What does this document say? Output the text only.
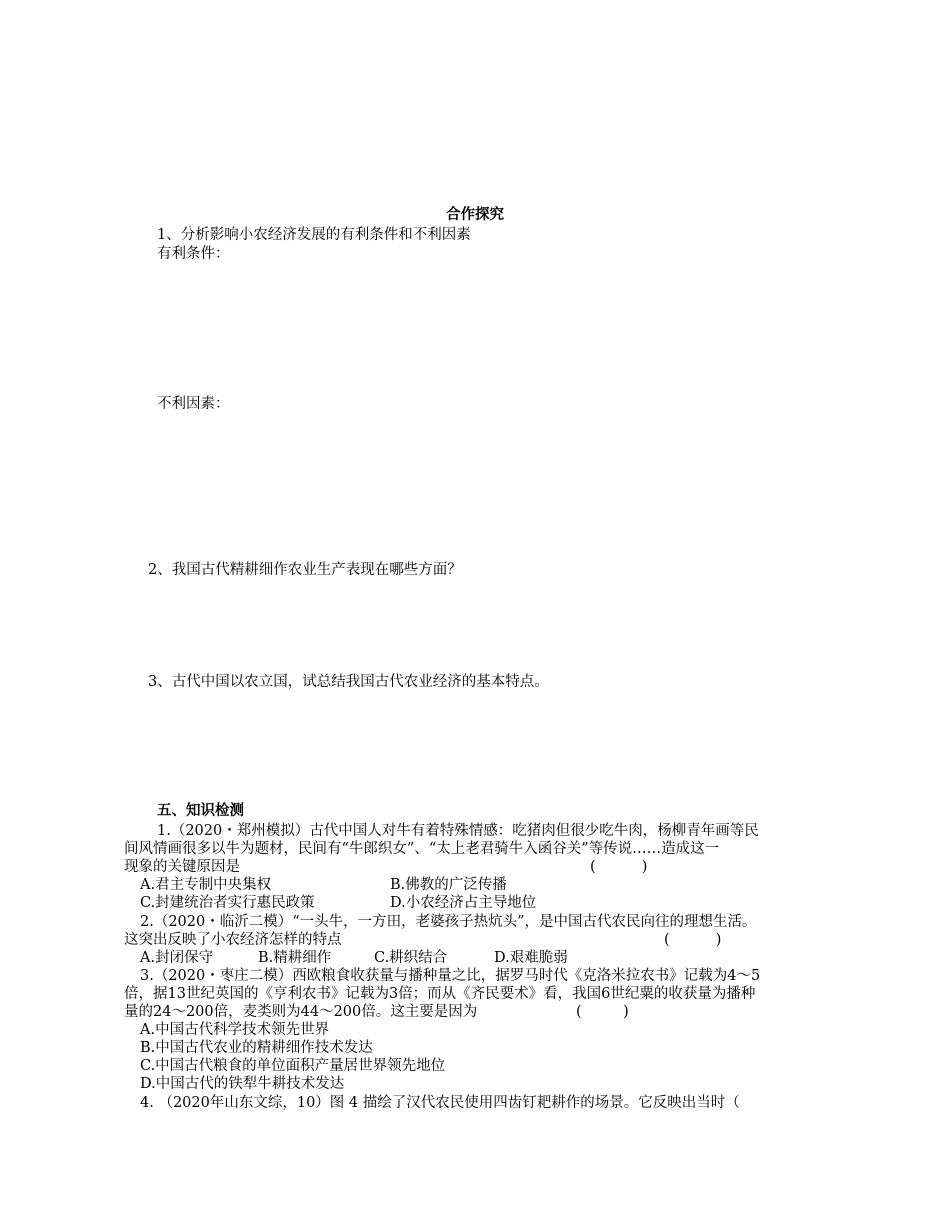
合作探究
1、分析影响小农经济发展的有利条件和不利因素
有利条件：
不利因素：
2、我国古代精耕细作农业生产表现在哪些方面？
3、古代中国以农立国，试总结我国古代农业经济的基本特点。
五、知识检测
1.（2020・郑州模拟）古代中国人对牛有着特殊情感：吃猪肉但很少吃牛肉，杨柳青年画等民
间风情画很多以牛为题材，民间有“牛郎织女”、“太上老君骑牛入函谷关”等传说……造成这一
现象的关键原因是	(          )
A.君主专制中央集权	B.佛教的广泛传播
C.封建统治者实行惠民政策	D.小农经济占主导地位
2.（2020・临沂二模）“一头牛，一方田，老婆孩子热炕头”，是中国古代农民向往的理想生活。
这突出反映了小农经济怎样的特点	(          )
A.封闭保守	B.精耕细作	C.耕织结合	D.艰难脆弱
3.（2020・枣庄二模）西欧粮食收获量与播种量之比，据罗马时代《克洛米拉农书》记载为4～5
倍，据13世纪英国的《亨利农书》记载为3倍；而从《齐民要术》看，我国6世纪粟的收获量为播种
量的24～200倍，麦类则为44～200倍。这主要是因为	(         )
A.中国古代科学技术领先世界
B.中国古代农业的精耕细作技术发达
C.中国古代粮食的单位面积产量居世界领先地位
D.中国古代的铁犁牛耕技术发达
4. （2020年山东文综，10）图 4 描绘了汉代农民使用四齿钉耙耕作的场景。它反映出当时（
